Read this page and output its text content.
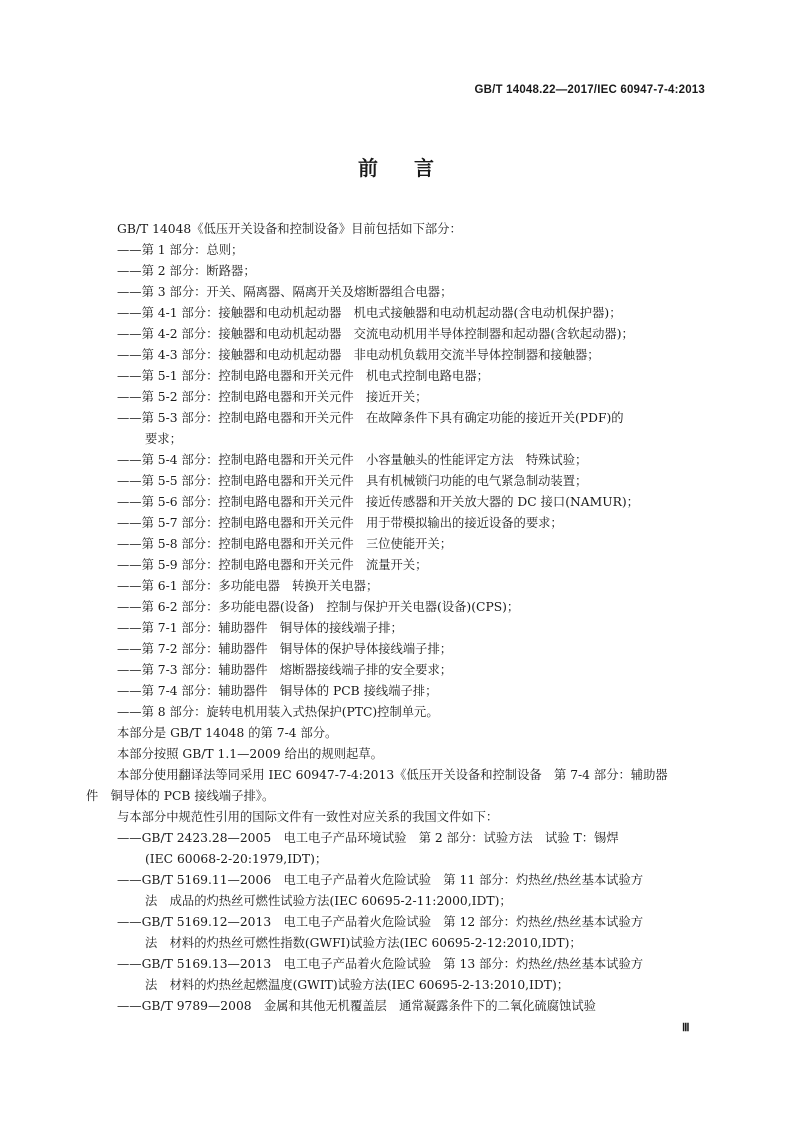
GB/T 14048.22—2017/IEC 60947-7-4:2013
前 言
GB/T 14048《低压开关设备和控制设备》目前包括如下部分：
——第 1 部分：总则；
——第 2 部分：断路器；
——第 3 部分：开关、隔离器、隔离开关及熔断器组合电器；
——第 4-1 部分：接触器和电动机起动器　机电式接触器和电动机起动器(含电动机保护器)；
——第 4-2 部分：接触器和电动机起动器　交流电动机用半导体控制器和起动器(含软起动器)；
——第 4-3 部分：接触器和电动机起动器　非电动机负载用交流半导体控制器和接触器；
——第 5-1 部分：控制电路电器和开关元件　机电式控制电路电器；
——第 5-2 部分：控制电路电器和开关元件　接近开关；
——第 5-3 部分：控制电路电器和开关元件　在故障条件下具有确定功能的接近开关(PDF)的
要求；
——第 5-4 部分：控制电路电器和开关元件　小容量触头的性能评定方法　特殊试验；
——第 5-5 部分：控制电路电器和开关元件　具有机械锁闩功能的电气紧急制动装置；
——第 5-6 部分：控制电路电器和开关元件　接近传感器和开关放大器的 DC 接口(NAMUR)；
——第 5-7 部分：控制电路电器和开关元件　用于带模拟输出的接近设备的要求；
——第 5-8 部分：控制电路电器和开关元件　三位使能开关；
——第 5-9 部分：控制电路电器和开关元件　流量开关；
——第 6-1 部分：多功能电器　转换开关电器；
——第 6-2 部分：多功能电器(设备)　控制与保护开关电器(设备)(CPS)；
——第 7-1 部分：辅助器件　铜导体的接线端子排；
——第 7-2 部分：辅助器件　铜导体的保护导体接线端子排；
——第 7-3 部分：辅助器件　熔断器接线端子排的安全要求；
——第 7-4 部分：辅助器件　铜导体的 PCB 接线端子排；
——第 8 部分：旋转电机用装入式热保护(PTC)控制单元。
本部分是 GB/T 14048 的第 7-4 部分。
本部分按照 GB/T 1.1—2009 给出的规则起草。
本部分使用翻译法等同采用 IEC 60947-7-4:2013《低压开关设备和控制设备　第 7-4 部分：辅助器
件　铜导体的 PCB 接线端子排》。
与本部分中规范性引用的国际文件有一致性对应关系的我国文件如下：
——GB/T 2423.28—2005　电工电子产品环境试验　第 2 部分：试验方法　试验 T：锡焊
(IEC 60068-2-20:1979,IDT)；
——GB/T 5169.11—2006　电工电子产品着火危险试验　第 11 部分：灼热丝/热丝基本试验方
法　成品的灼热丝可燃性试验方法(IEC 60695-2-11:2000,IDT)；
——GB/T 5169.12—2013　电工电子产品着火危险试验　第 12 部分：灼热丝/热丝基本试验方
法　材料的灼热丝可燃性指数(GWFI)试验方法(IEC 60695-2-12:2010,IDT)；
——GB/T 5169.13—2013　电工电子产品着火危险试验　第 13 部分：灼热丝/热丝基本试验方
法　材料的灼热丝起燃温度(GWIT)试验方法(IEC 60695-2-13:2010,IDT)；
——GB/T 9789—2008　金属和其他无机覆盖层　通常凝露条件下的二氧化硫腐蚀试验
Ⅲ
